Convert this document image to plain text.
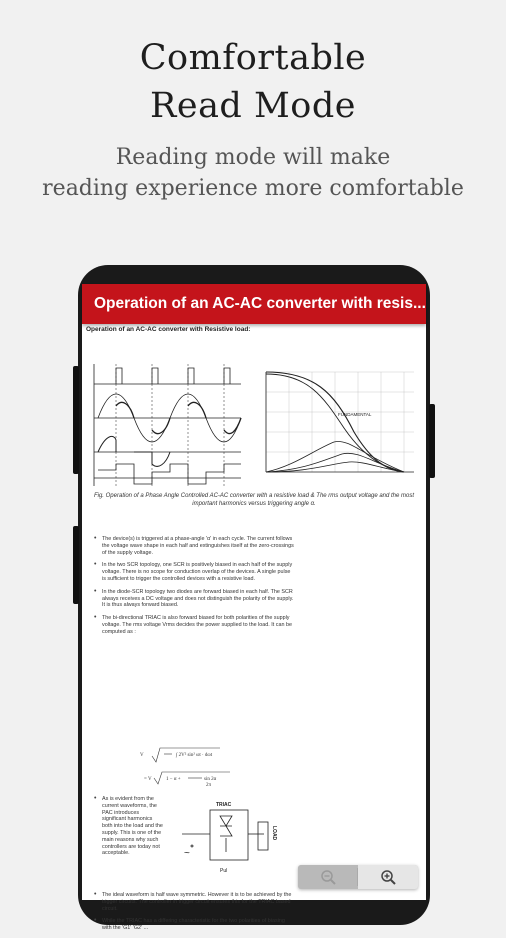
Comfortable
Read Mode
Reading mode will make
reading experience more comfortable
Operation of an AC-AC converter with resis...
Operation of an AC-AC converter with Resistive load:
FUNDAMENTAL
Fig. Operation of a Phase Angle Controlled AC-AC converter with a resistive load & The rms output voltage and the most important harmonics versus triggering angle α.
• The device(s) is triggered at a phase-angle 'α' in each cycle. The current follows the voltage wave shape in each half and extinguishes itself at the zero-crossings of the supply voltage.
• In the two SCR topology, one SCR is positively biased in each half of the supply voltage. There is no scope for conduction overlap of the devices. A single pulse is sufficient to trigger the controlled devices with a resistive load.
• In the diode-SCR topology two diodes are forward biased in each half. The SCR always receives a DC voltage and does not distinguish the polarity of the supply. It is thus always forward biased.
• The bi-directional TRIAC is also forward biased for both polarities of the supply voltage. The rms voltage Vrms decides the power supplied to the load. It can be computed as :
V	∫ 2V² sin² ωt · dωt
= V	1 − α +	sin 2α
2π
• As is evident from the current waveforms, the PAC introduces significant harmonics both into the load and the supply. This is one of the main reasons why such controllers are today not acceptable.
TRIAC
~
Pul
LOAD
• The ideal waveform is half wave symmetric. However it is to be achieved by the trigger circuits. The controller in trigger circuit ensures this for the TRIAC based circuit.
• While the TRIAC has a differing characteristic for the two polarities of biasing with the 'G1' 'G2' ...
